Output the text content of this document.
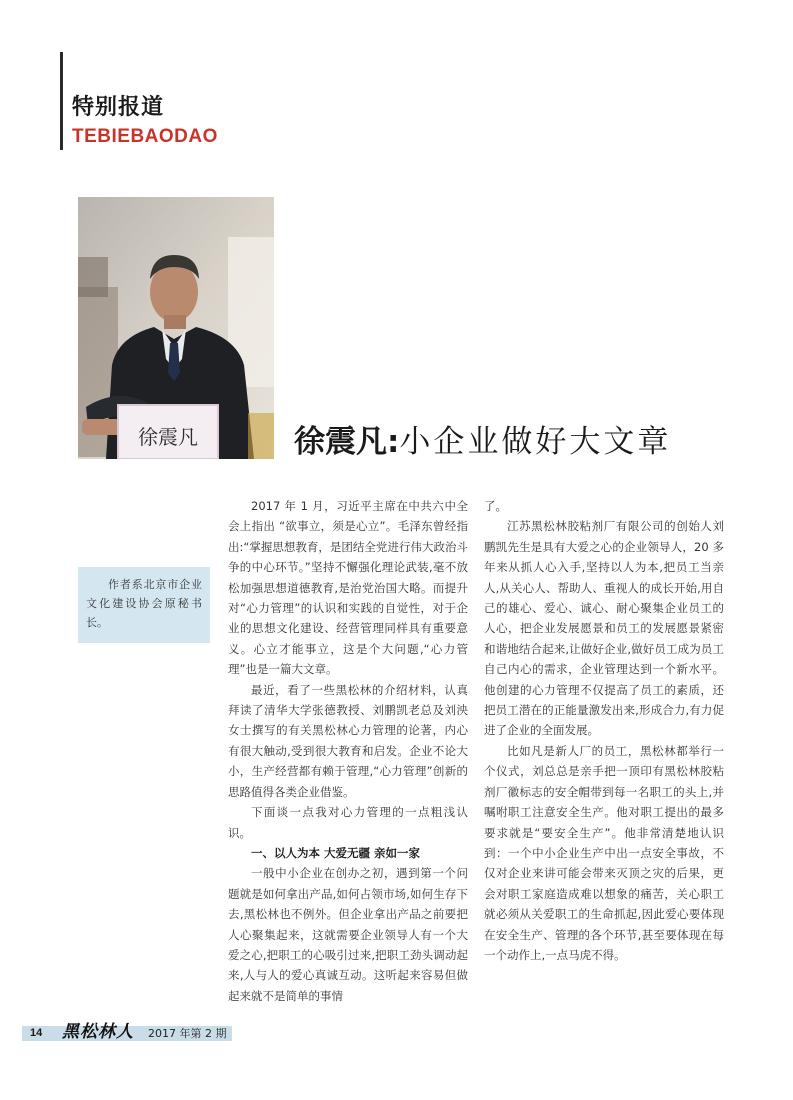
特别报道
TEBIEBAODAO
徐震凡	徐震凡:小企业做好大文章

作者系北京市企业文化建设协会原秘书长。

2017 年 1 月，习近平主席在中共六中全会上指出 “欲事立，须是心立”。毛泽东曾经指出:“掌握思想教育，是团结全党进行伟大政治斗争的中心环节。”坚持不懈强化理论武装,毫不放松加强思想道德教育,是治党治国大略。而提升对“心力管理”的认识和实践的自觉性，对于企业的思想文化建设、经营管理同样具有重要意义。心立才能事立，这是个大问题,“心力管理”也是一篇大文章。

最近，看了一些黑松林的介绍材料，认真拜读了清华大学张德教授、刘鹏凯老总及刘泱女士撰写的有关黑松林心力管理的论著，内心有很大触动,受到很大教育和启发。企业不论大小，生产经营都有赖于管理,“心力管理”创新的思路值得各类企业借鉴。

下面谈一点我对心力管理的一点粗浅认识。

一、以人为本 大爱无疆 亲如一家

一般中小企业在创办之初，遇到第一个问题就是如何拿出产品,如何占领市场,如何生存下去,黑松林也不例外。但企业拿出产品之前要把人心聚集起来，这就需要企业领导人有一个大爱之心,把职工的心吸引过来,把职工劲头调动起来,人与人的爱心真诚互动。这听起来容易但做起来就不是简单的事情

了。

江苏黑松林胶粘剂厂有限公司的创始人刘鹏凯先生是具有大爱之心的企业领导人，20 多年来从抓人心入手,坚持以人为本,把员工当亲人,从关心人、帮助人、重视人的成长开始,用自己的雄心、爱心、诚心、耐心聚集企业员工的人心，把企业发展愿景和员工的发展愿景紧密和谐地结合起来,让做好企业,做好员工成为员工自己内心的需求，企业管理达到一个新水平。他创建的心力管理不仅提高了员工的素质，还把员工潜在的正能量激发出来,形成合力,有力促进了企业的全面发展。

比如凡是新人厂的员工，黑松林都举行一个仪式，刘总总是亲手把一顶印有黑松林胶粘剂厂徽标志的安全帽带到每一名职工的头上,并嘱咐职工注意安全生产。他对职工提出的最多要求就是“要安全生产”。他非常清楚地认识到：一个中小企业生产中出一点安全事故，不仅对企业来讲可能会带来灭顶之灾的后果，更会对职工家庭造成难以想象的痛苦，关心职工就必须从关爱职工的生命抓起,因此爱心要体现在安全生产、管理的各个环节,甚至要体现在每一个动作上,一点马虎不得。

14 黑松林人 2017 年第 2 期
